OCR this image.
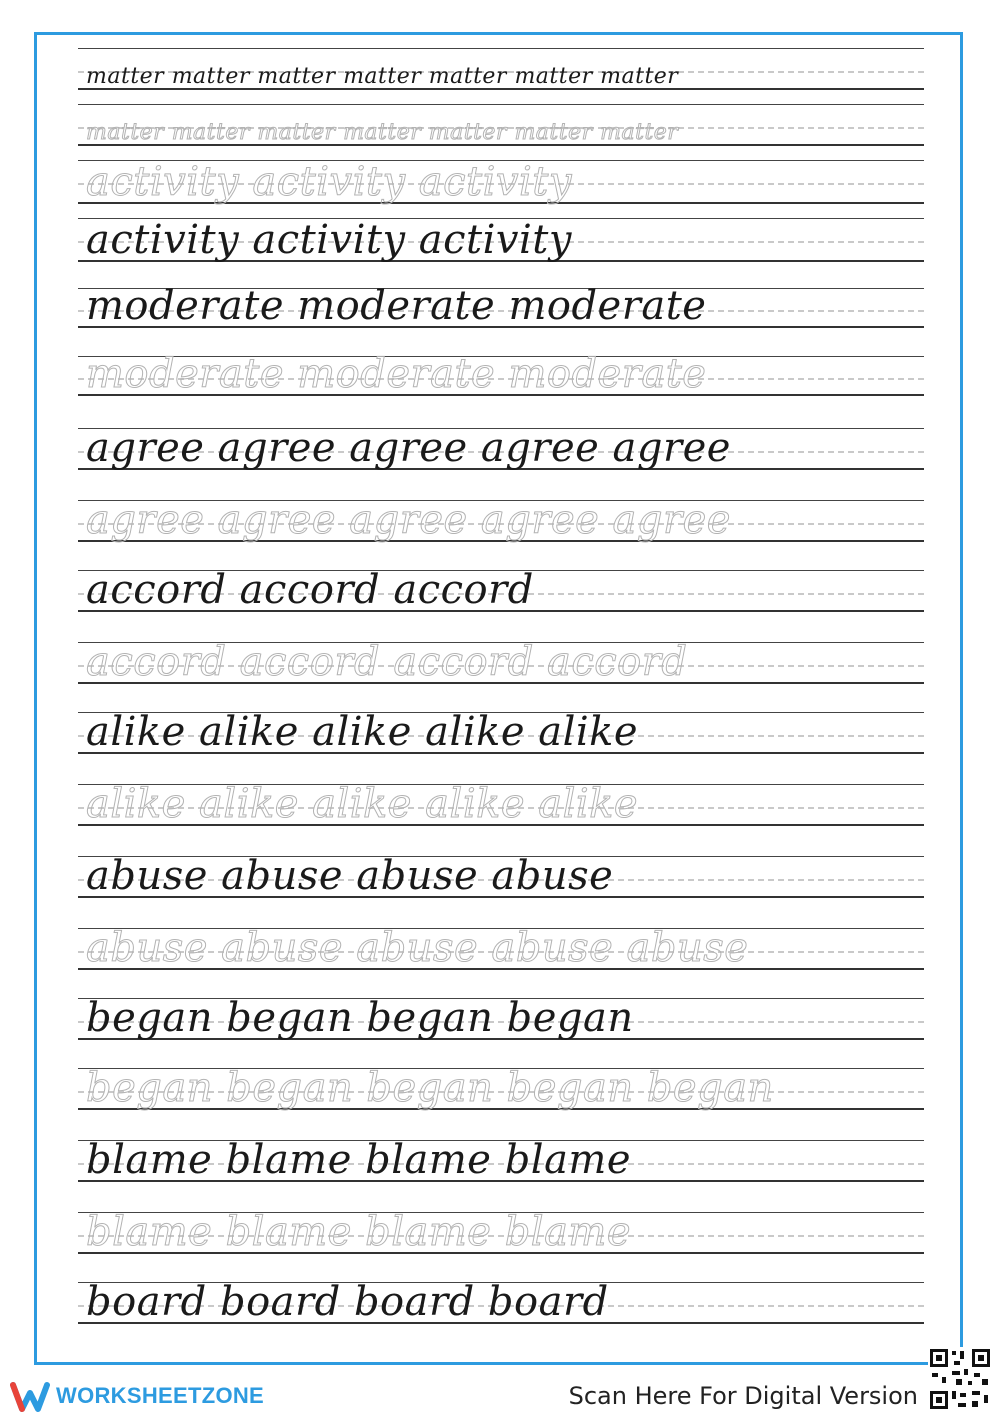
matter matter matter matter matter matter matter
matter matter matter matter matter matter matter
activity activity activity
activity activity activity
moderate moderate moderate
moderate moderate moderate
agree agree agree agree agree
agree agree agree agree agree
accord accord accord
accord accord accord accord
alike alike alike alike alike
alike alike alike alike alike
abuse abuse abuse abuse
abuse abuse abuse abuse abuse
began began began began
began began began began began
blame blame blame blame
blame blame blame blame
board board board board
WORKSHEETZONE	Scan Here For Digital Version
